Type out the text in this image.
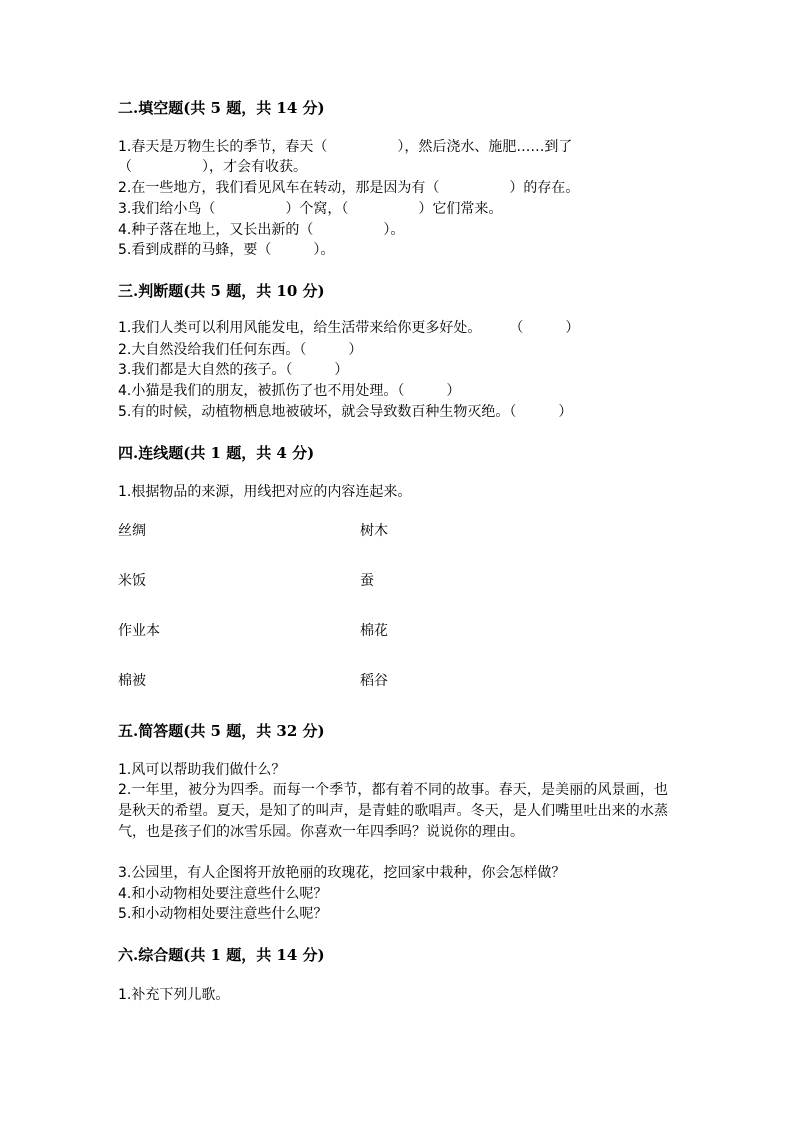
二.填空题(共 5 题，共 14 分)
1.春天是万物生长的季节，春天（　　　　　），然后浇水、施肥……到了
（　　　　　），才会有收获。
2.在一些地方，我们看见风车在转动，那是因为有（　　　　　）的存在。
3.我们给小鸟（　　　　　）个窝，（　　　　　）它们常来。
4.种子落在地上，又长出新的（　　　　　）。
5.看到成群的马蜂，要（　　　）。
三.判断题(共 5 题，共 10 分)
1.我们人类可以利用风能发电，给生活带来给你更多好处。　　　（　　　）
2.大自然没给我们任何东西。（　　　）
3.我们都是大自然的孩子。（　　　）
4.小猫是我们的朋友，被抓伤了也不用处理。（　　　）
5.有的时候，动植物栖息地被破坏，就会导致数百种生物灭绝。（　　　）
四.连线题(共 1 题，共 4 分)
1.根据物品的来源，用线把对应的内容连起来。
丝绸	树木
米饭	蚕
作业本	棉花
棉被	稻谷
五.简答题(共 5 题，共 32 分)
1.风可以帮助我们做什么？
2.一年里，被分为四季。而每一个季节，都有着不同的故事。春天，是美丽的风景画，也是秋天的希望。夏天，是知了的叫声，是青蛙的歌唱声。冬天，是人们嘴里吐出来的水蒸气，也是孩子们的冰雪乐园。你喜欢一年四季吗？说说你的理由。
3.公园里，有人企图将开放艳丽的玫瑰花，挖回家中栽种，你会怎样做？
4.和小动物相处要注意些什么呢？
5.和小动物相处要注意些什么呢？
六.综合题(共 1 题，共 14 分)
1.补充下列儿歌。
